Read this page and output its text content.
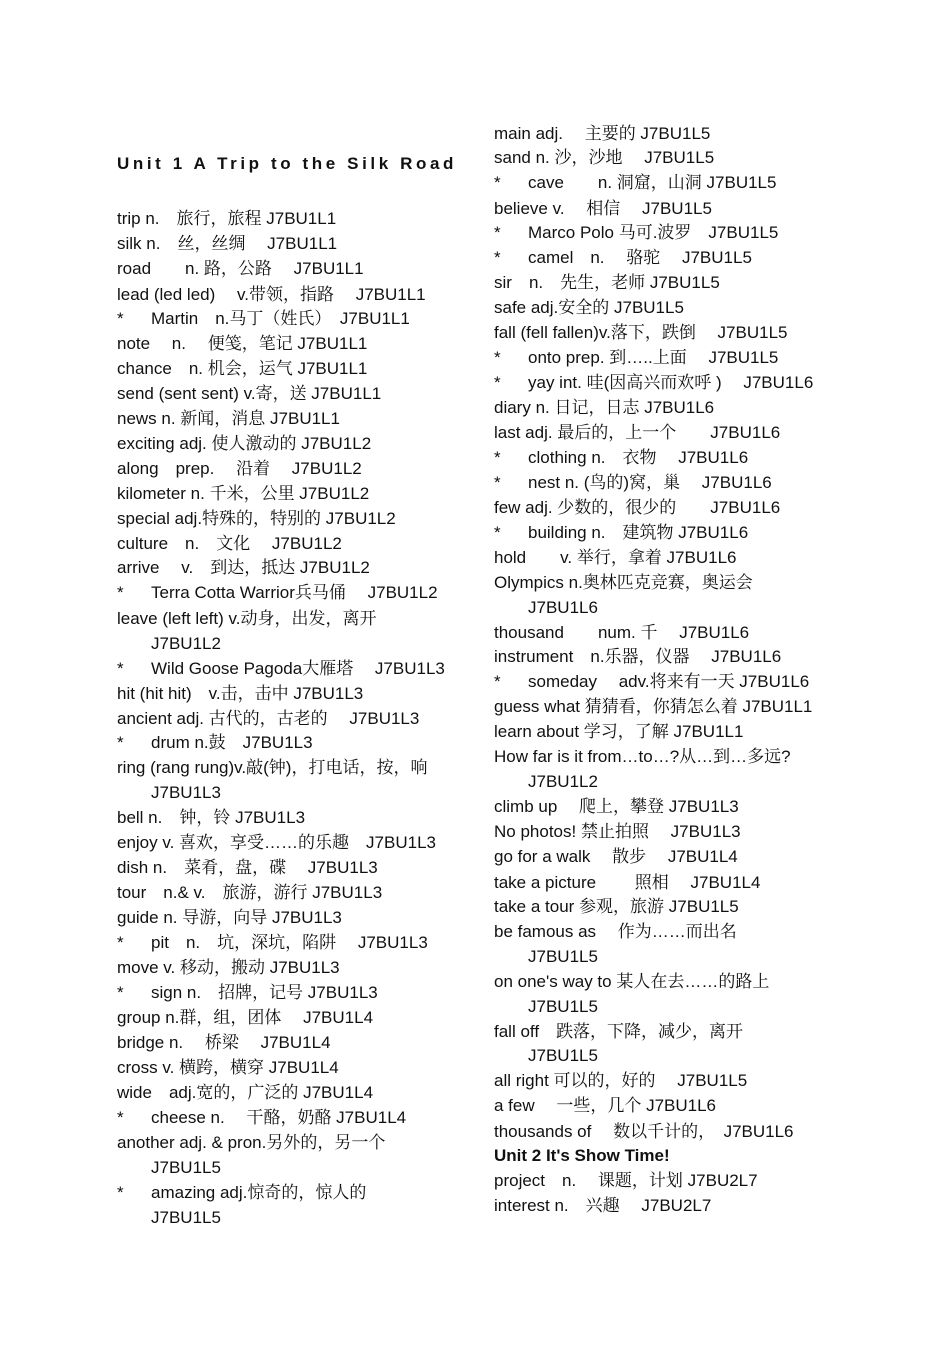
Unit 1 A Trip to the Silk Road
trip n.　旅行，旅程 J7BU1L1
silk n.　丝，丝绸　 J7BU1L1
road　　n. 路，公路　 J7BU1L1
lead (led led)　 v.带领，指路　 J7BU1L1
* Martin　n.马丁（姓氏）　J7BU1L1
note　 n.　 便笺，笔记 J7BU1L1
chance　n. 机会，运气 J7BU1L1
send (sent sent) v.寄，送 J7BU1L1
news n. 新闻，消息 J7BU1L1
exciting adj. 使人激动的 J7BU1L2
along　prep.　 沿着　 J7BU1L2
kilometer n. 千米，公里 J7BU1L2
special adj.特殊的，特别的 J7BU1L2
culture　n.　文化　 J7BU1L2
arrive　 v.　到达，抵达 J7BU1L2
* Terra Cotta Warrior兵马俑　 J7BU1L2
leave (left left) v.动身，出发，离开
J7BU1L2
* Wild Goose Pagoda大雁塔　 J7BU1L3
hit (hit hit)　v.击，击中 J7BU1L3
ancient adj. 古代的，古老的　 J7BU1L3
* drum n.鼓　J7BU1L3
ring (rang rung)v.敲(钟)，打电话，按，响
J7BU1L3
bell n.　钟，铃 J7BU1L3
enjoy v. 喜欢，享受……的乐趣　J7BU1L3
dish n.　菜肴，盘，碟　 J7BU1L3
tour　n.& v.　旅游，游行 J7BU1L3
guide n. 导游，向导 J7BU1L3
* pit　n.　坑，深坑，陷阱　 J7BU1L3
move v. 移动，搬动 J7BU1L3
* sign n.　招牌，记号 J7BU1L3
group n.群，组，团体　 J7BU1L4
bridge n.　 桥梁　 J7BU1L4
cross v. 横跨，横穿 J7BU1L4
wide　adj.宽的，广泛的 J7BU1L4
* cheese n.　 干酪，奶酪 J7BU1L4
another adj. & pron.另外的，另一个
J7BU1L5
* amazing adj.惊奇的，惊人的
J7BU1L5
main adj.　 主要的 J7BU1L5
sand n. 沙，沙地　 J7BU1L5
* cave　　n. 洞窟，山洞 J7BU1L5
believe v.　 相信　 J7BU1L5
* Marco Polo 马可.波罗　J7BU1L5
* camel　n.　 骆驼　 J7BU1L5
sir　n.　先生，老师 J7BU1L5
safe adj.安全的 J7BU1L5
fall (fell fallen)v.落下，跌倒　 J7BU1L5
* onto prep. 到…..上面　 J7BU1L5
* yay int. 哇(因高兴而欢呼 )　 J7BU1L6
diary n. 日记，日志 J7BU1L6
last adj. 最后的，上一个　　J7BU1L6
* clothing n.　衣物　 J7BU1L6
* nest n. (鸟的)窝，巢　 J7BU1L6
few adj. 少数的，很少的　　J7BU1L6
* building n.　建筑物 J7BU1L6
hold　　v. 举行，拿着 J7BU1L6
Olympics n.奥林匹克竞赛，奥运会
J7BU1L6
thousand　　num. 千　 J7BU1L6
instrument　n.乐器，仪器　 J7BU1L6
* someday　 adv.将来有一天 J7BU1L6
guess what 猜猜看，你猜怎么着 J7BU1L1
learn about 学习，了解 J7BU1L1
How far is it from…to…?从…到…多远?
J7BU1L2
climb up　 爬上，攀登 J7BU1L3
No photos! 禁止拍照　 J7BU1L3
go for a walk　 散步　 J7BU1L4
take a picture　　 照相　 J7BU1L4
take a tour 参观，旅游 J7BU1L5
be famous as　 作为……而出名
J7BU1L5
on one's way to 某人在去……的路上
J7BU1L5
fall off　跌落，下降，减少，离开
J7BU1L5
all right 可以的，好的　 J7BU1L5
a few　 一些，几个 J7BU1L6
thousands of　 数以千计的，　J7BU1L6
Unit 2 It's Show Time!
project　n.　 课题，计划 J7BU2L7
interest n.　兴趣　 J7BU2L7
